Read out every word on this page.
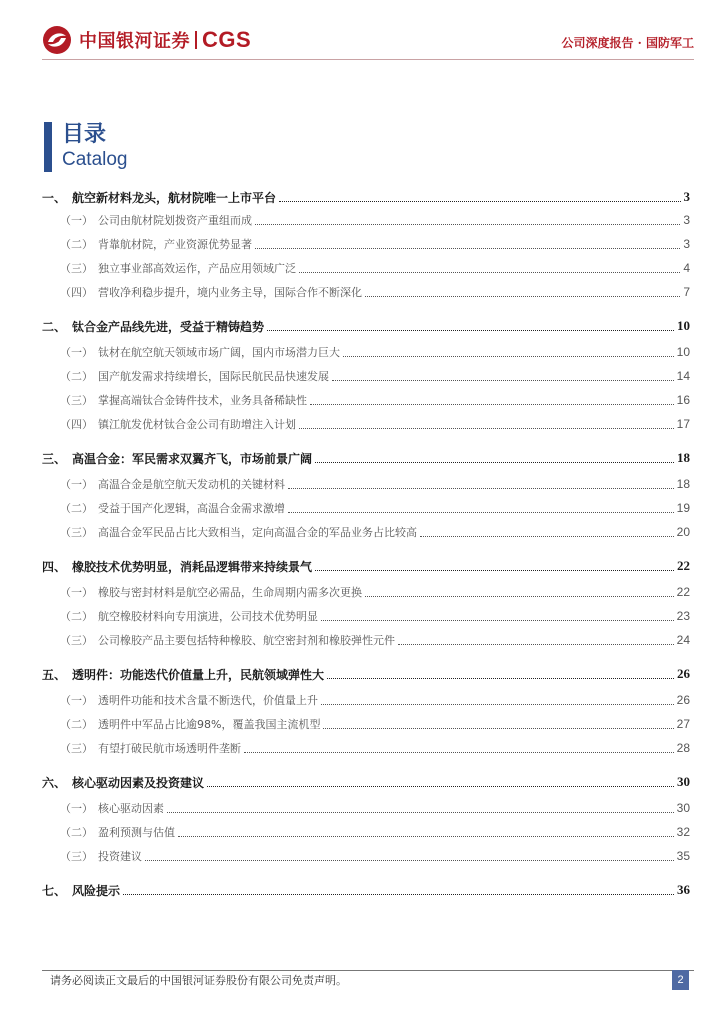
中国银河证券 CGS	公司深度报告 · 国防军工
目录
Catalog
一、 航空新材料龙头，航材院唯一上市平台	3
（一） 公司由航材院划拨资产重组而成	3
（二） 背靠航材院，产业资源优势显著	3
（三） 独立事业部高效运作，产品应用领域广泛	4
（四） 营收净利稳步提升，境内业务主导，国际合作不断深化	7
二、 钛合金产品线先进，受益于精铸趋势	10
（一） 钛材在航空航天领域市场广阔，国内市场潜力巨大	10
（二） 国产航发需求持续增长，国际民航民品快速发展	14
（三） 掌握高端钛合金铸件技术，业务具备稀缺性	16
（四） 镇江航发优材钛合金公司有助增注入计划	17
三、 高温合金：军民需求双翼齐飞，市场前景广阔	18
（一） 高温合金是航空航天发动机的关键材料	18
（二） 受益于国产化逻辑，高温合金需求激增	19
（三） 高温合金军民品占比大致相当，定向高温合金的军品业务占比较高	20
四、 橡胶技术优势明显，消耗品逻辑带来持续景气	22
（一） 橡胶与密封材料是航空必需品，生命周期内需多次更换	22
（二） 航空橡胶材料向专用演进，公司技术优势明显	23
（三） 公司橡胶产品主要包括特种橡胶、航空密封剂和橡胶弹性元件	24
五、 透明件：功能迭代价值量上升，民航领域弹性大	26
（一） 透明件功能和技术含量不断迭代，价值量上升	26
（二） 透明件中军品占比逾98%，覆盖我国主流机型	27
（三） 有望打破民航市场透明件垄断	28
六、 核心驱动因素及投资建议	30
（一） 核心驱动因素	30
（二） 盈利预测与估值	32
（三） 投资建议	35
七、 风险提示	36
请务必阅读正文最后的中国银河证券股份有限公司免责声明。	2
